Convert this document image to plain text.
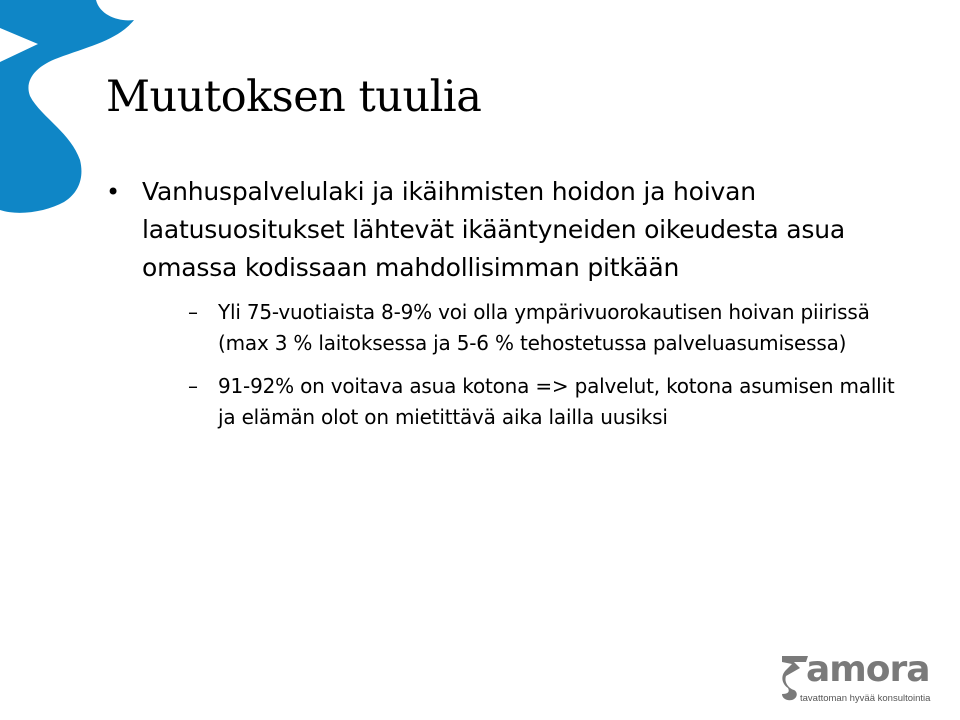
Muutoksen tuulia
• Vanhuspalvelulaki ja ikäihmisten hoidon ja hoivan laatusuositukset lähtevät ikääntyneiden oikeudesta asua omassa kodissaan mahdollisimman pitkään
– Yli 75-vuotiaista 8-9% voi olla ympärivuorokautisen hoivan piirissä (max 3 % laitoksessa ja 5-6 % tehostetussa palveluasumisessa)
– 91-92% on voitava asua kotona => palvelut, kotona asumisen mallit ja elämän olot on mietittävä aika lailla uusiksi
amora
tavattoman hyvää konsultointia
